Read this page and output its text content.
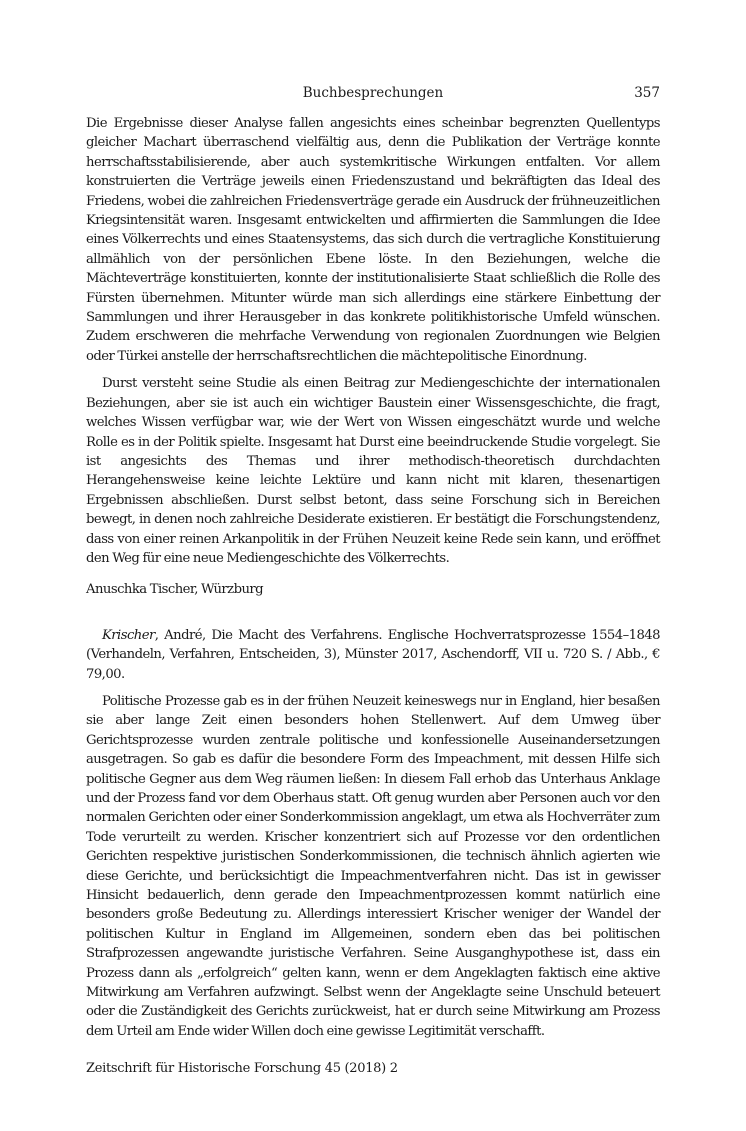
Buchbesprechungen	357

Die Ergebnisse dieser Analyse fallen angesichts eines scheinbar begrenzten Quellentyps gleicher Machart überraschend vielfältig aus, denn die Publikation der Verträge konnte herrschaftsstabilisierende, aber auch systemkritische Wirkungen entfalten. Vor allem konstruierten die Verträge jeweils einen Friedenszustand und bekräftigten das Ideal des Friedens, wobei die zahlreichen Friedensverträge gerade ein Ausdruck der frühneuzeitlichen Kriegsintensität waren. Insgesamt entwickelten und affirmierten die Sammlungen die Idee eines Völkerrechts und eines Staatensystems, das sich durch die vertragliche Konstituierung allmählich von der persönlichen Ebene löste. In den Beziehungen, welche die Mächteverträge konstituierten, konnte der institutionalisierte Staat schließlich die Rolle des Fürsten übernehmen. Mitunter würde man sich allerdings eine stärkere Einbettung der Sammlungen und ihrer Herausgeber in das konkrete politikhistorische Umfeld wünschen. Zudem erschweren die mehrfache Verwendung von regionalen Zuordnungen wie Belgien oder Türkei anstelle der herrschaftsrechtlichen die mächtepolitische Einordnung.

Durst versteht seine Studie als einen Beitrag zur Mediengeschichte der internationalen Beziehungen, aber sie ist auch ein wichtiger Baustein einer Wissensgeschichte, die fragt, welches Wissen verfügbar war, wie der Wert von Wissen eingeschätzt wurde und welche Rolle es in der Politik spielte. Insgesamt hat Durst eine beeindruckende Studie vorgelegt. Sie ist angesichts des Themas und ihrer methodisch-theoretisch durchdachten Herangehensweise keine leichte Lektüre und kann nicht mit klaren, thesenartigen Ergebnissen abschließen. Durst selbst betont, dass seine Forschung sich in Bereichen bewegt, in denen noch zahlreiche Desiderate existieren. Er bestätigt die Forschungstendenz, dass von einer reinen Arkanpolitik in der Frühen Neuzeit keine Rede sein kann, und eröffnet den Weg für eine neue Mediengeschichte des Völkerrechts.

Anuschka Tischer, Würzburg

Krischer, André, Die Macht des Verfahrens. Englische Hochverratsprozesse 1554–1848 (Verhandeln, Verfahren, Entscheiden, 3), Münster 2017, Aschendorff, VII u. 720 S. / Abb., € 79,00.

Politische Prozesse gab es in der frühen Neuzeit keineswegs nur in England, hier besaßen sie aber lange Zeit einen besonders hohen Stellenwert. Auf dem Umweg über Gerichtsprozesse wurden zentrale politische und konfessionelle Auseinandersetzungen ausgetragen. So gab es dafür die besondere Form des Impeachment, mit dessen Hilfe sich politische Gegner aus dem Weg räumen ließen: In diesem Fall erhob das Unterhaus Anklage und der Prozess fand vor dem Oberhaus statt. Oft genug wurden aber Personen auch vor den normalen Gerichten oder einer Sonderkommission angeklagt, um etwa als Hochverräter zum Tode verurteilt zu werden. Krischer konzentriert sich auf Prozesse vor den ordentlichen Gerichten respektive juristischen Sonderkommissionen, die technisch ähnlich agierten wie diese Gerichte, und berücksichtigt die Impeachmentverfahren nicht. Das ist in gewisser Hinsicht bedauerlich, denn gerade den Impeachmentprozessen kommt natürlich eine besonders große Bedeutung zu. Allerdings interessiert Krischer weniger der Wandel der politischen Kultur in England im Allgemeinen, sondern eben das bei politischen Strafprozessen angewandte juristische Verfahren. Seine Ausganghypothese ist, dass ein Prozess dann als „erfolgreich“ gelten kann, wenn er dem Angeklagten faktisch eine aktive Mitwirkung am Verfahren aufzwingt. Selbst wenn der Angeklagte seine Unschuld beteuert oder die Zuständigkeit des Gerichts zurückweist, hat er durch seine Mitwirkung am Prozess dem Urteil am Ende wider Willen doch eine gewisse Legitimität verschafft.

Zeitschrift für Historische Forschung 45 (2018) 2
